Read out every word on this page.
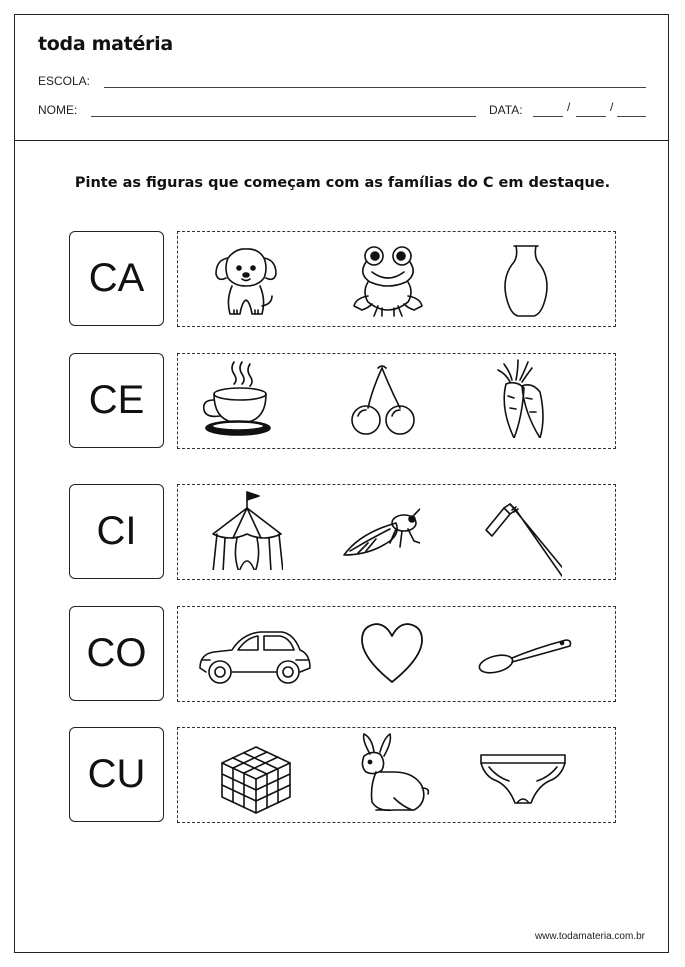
toda matéria
ESCOLA:
NOME:	DATA:	/	/
Pinte as figuras que começam com as famílias do C em destaque.
CA
CE
CI
CO
CU
www.todamateria.com.br
